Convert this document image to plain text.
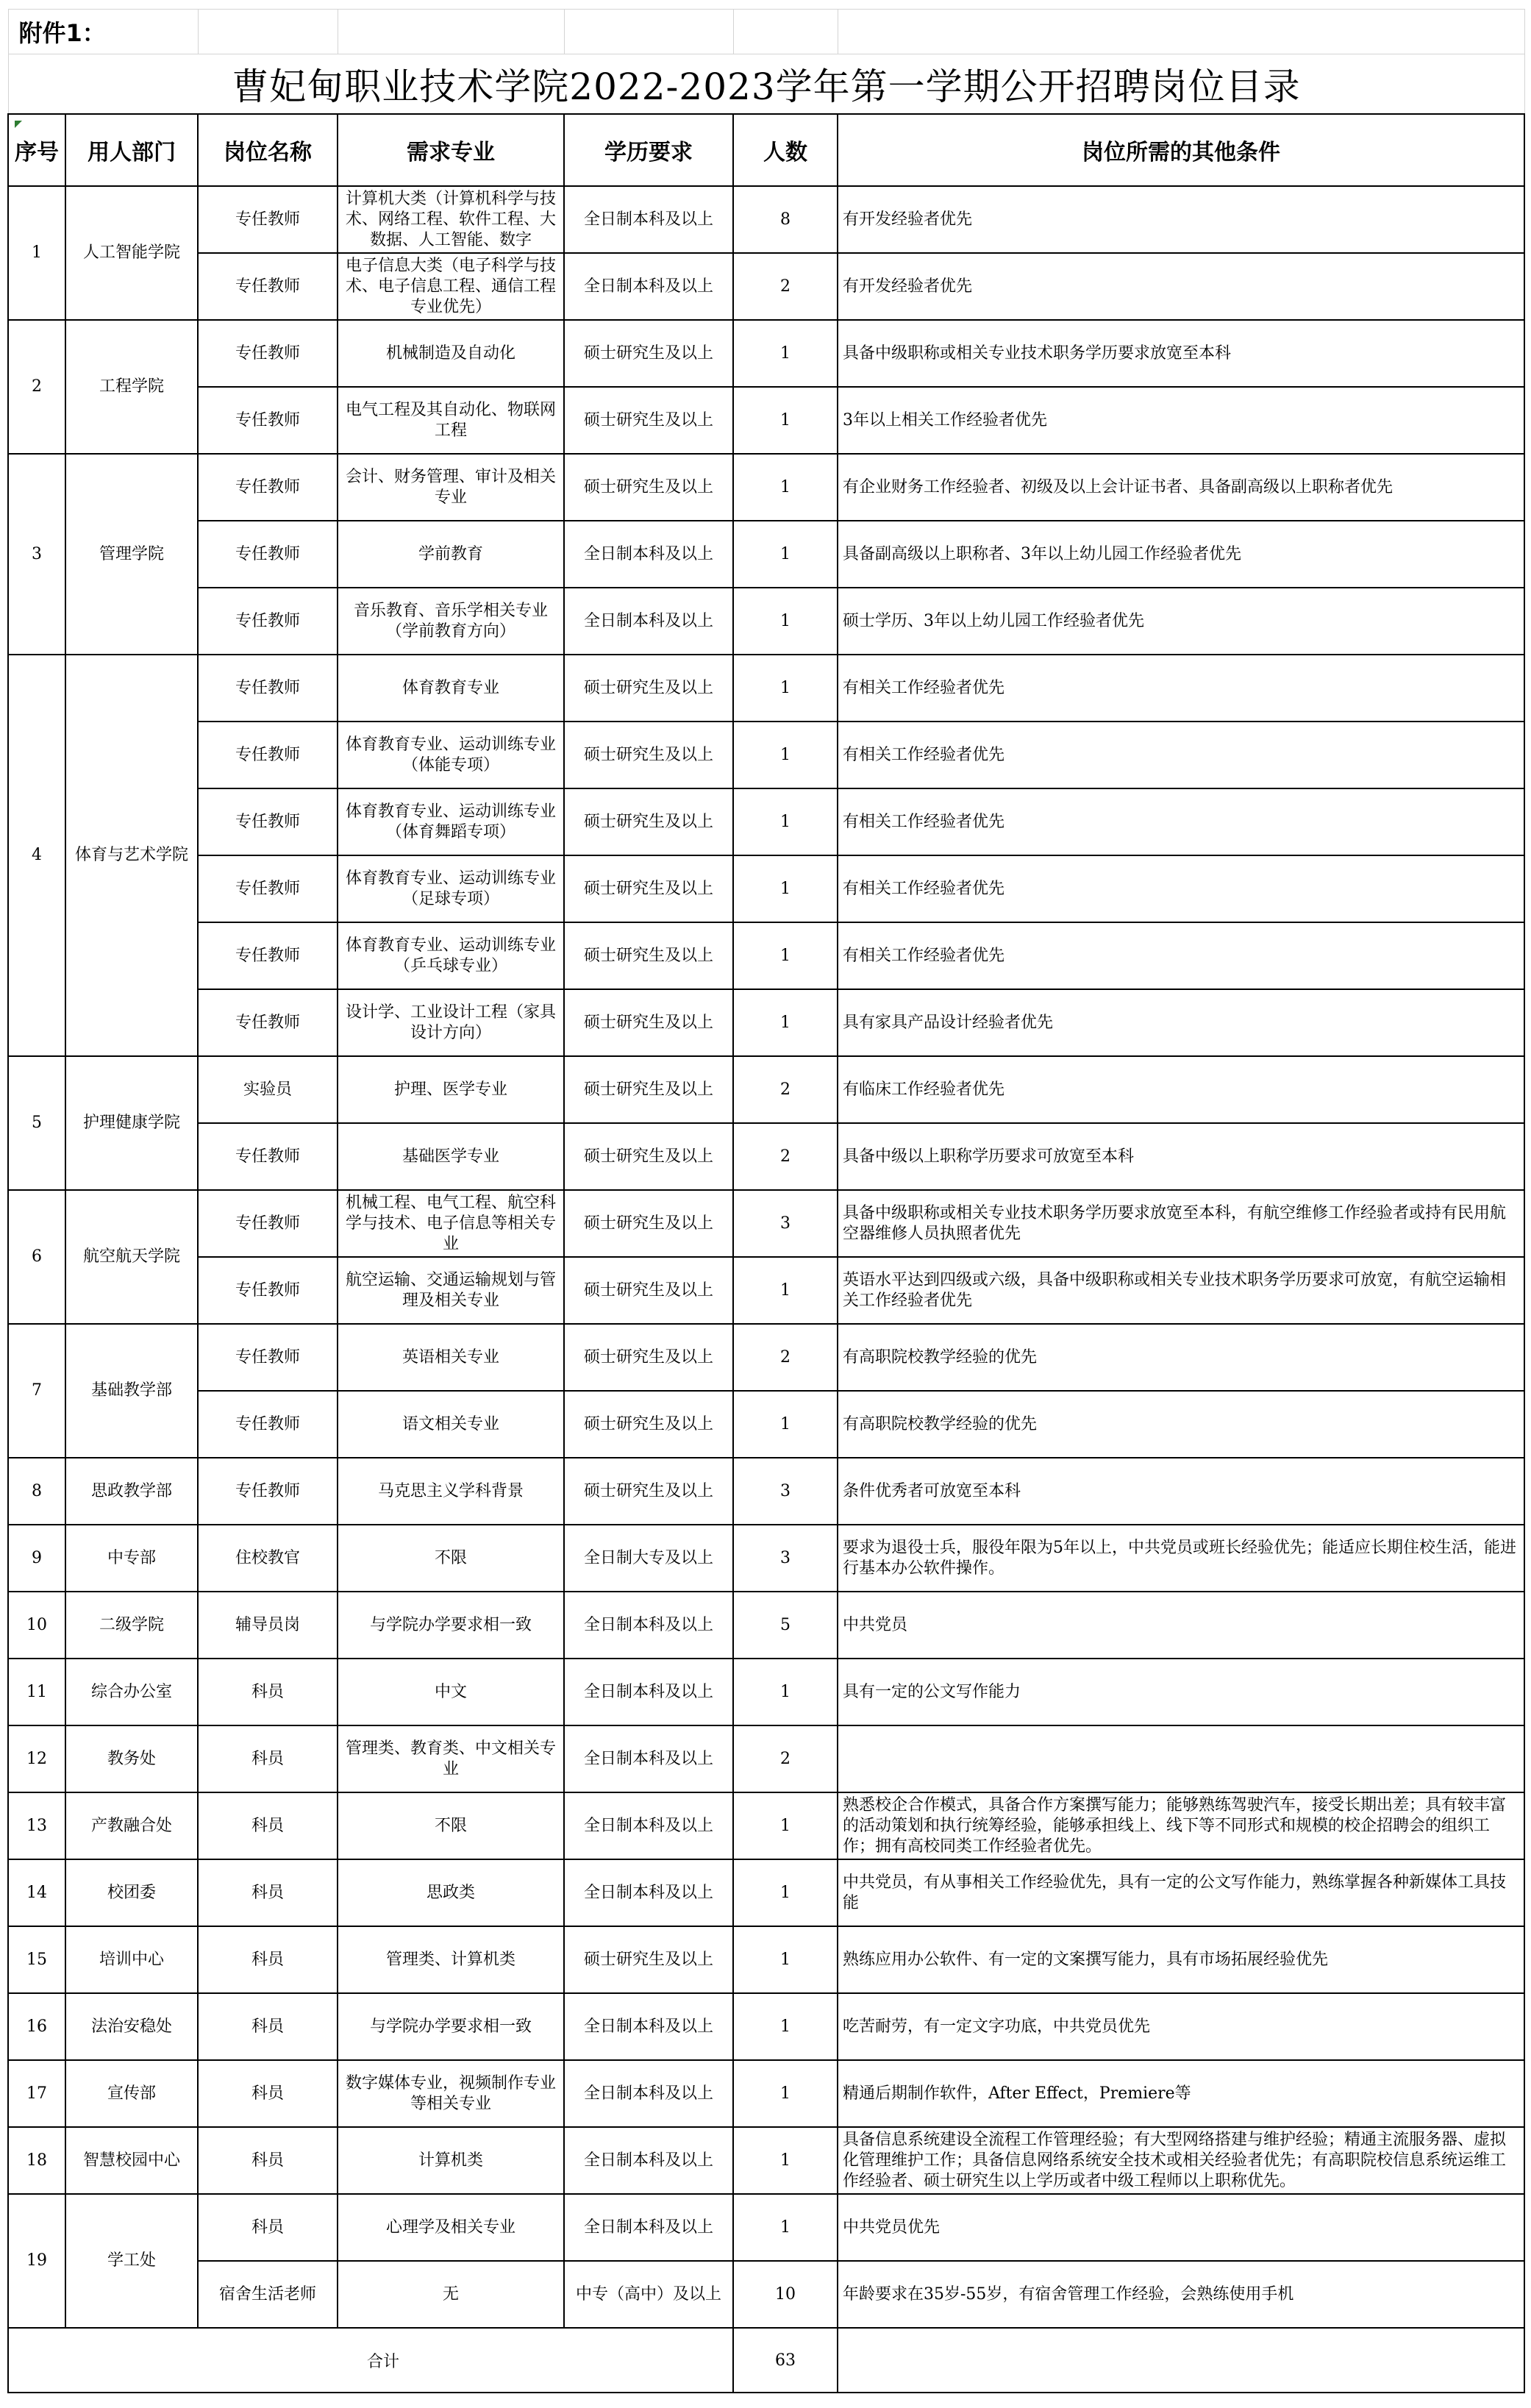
附件1：						
曹妃甸职业技术学院2022-2023学年第一学期公开招聘岗位目录						
序号	用人部门	岗位名称	需求专业	学历要求	人数	岗位所需的其他条件
1	人工智能学院	专任教师	计算机大类（计算机科学与技术、网络工程、软件工程、大数据、人工智能、数字	全日制本科及以上	8	有开发经验者优先
		专任教师	电子信息大类（电子科学与技术、电子信息工程、通信工程专业优先）	全日制本科及以上	2	有开发经验者优先
2	工程学院	专任教师	机械制造及自动化	硕士研究生及以上	1	具备中级职称或相关专业技术职务学历要求放宽至本科
		专任教师	电气工程及其自动化、物联网工程	硕士研究生及以上	1	3年以上相关工作经验者优先
3	管理学院	专任教师	会计、财务管理、审计及相关专业	硕士研究生及以上	1	有企业财务工作经验者、初级及以上会计证书者、具备副高级以上职称者优先
		专任教师	学前教育	全日制本科及以上	1	具备副高级以上职称者、3年以上幼儿园工作经验者优先
		专任教师	音乐教育、音乐学相关专业（学前教育方向）	全日制本科及以上	1	硕士学历、3年以上幼儿园工作经验者优先
4	体育与艺术学院	专任教师	体育教育专业	硕士研究生及以上	1	有相关工作经验者优先
		专任教师	体育教育专业、运动训练专业（体能专项）	硕士研究生及以上	1	有相关工作经验者优先
		专任教师	体育教育专业、运动训练专业（体育舞蹈专项）	硕士研究生及以上	1	有相关工作经验者优先
		专任教师	体育教育专业、运动训练专业（足球专项）	硕士研究生及以上	1	有相关工作经验者优先
		专任教师	体育教育专业、运动训练专业（乒乓球专业）	硕士研究生及以上	1	有相关工作经验者优先
		专任教师	设计学、工业设计工程（家具设计方向）	硕士研究生及以上	1	具有家具产品设计经验者优先
5	护理健康学院	实验员	护理、医学专业	硕士研究生及以上	2	有临床工作经验者优先
		专任教师	基础医学专业	硕士研究生及以上	2	具备中级以上职称学历要求可放宽至本科
6	航空航天学院	专任教师	机械工程、电气工程、航空科学与技术、电子信息等相关专业	硕士研究生及以上	3	具备中级职称或相关专业技术职务学历要求放宽至本科，有航空维修工作经验者或持有民用航空器维修人员执照者优先
		专任教师	航空运输、交通运输规划与管理及相关专业	硕士研究生及以上	1	英语水平达到四级或六级，具备中级职称或相关专业技术职务学历要求可放宽，有航空运输相关工作经验者优先
7	基础教学部	专任教师	英语相关专业	硕士研究生及以上	2	有高职院校教学经验的优先
		专任教师	语文相关专业	硕士研究生及以上	1	有高职院校教学经验的优先
8	思政教学部	专任教师	马克思主义学科背景	硕士研究生及以上	3	条件优秀者可放宽至本科
9	中专部	住校教官	不限	全日制大专及以上	3	要求为退役士兵，服役年限为5年以上，中共党员或班长经验优先；能适应长期住校生活，能进行基本办公软件操作。
10	二级学院	辅导员岗	与学院办学要求相一致	全日制本科及以上	5	中共党员
11	综合办公室	科员	中文	全日制本科及以上	1	具有一定的公文写作能力
12	教务处	科员	管理类、教育类、中文相关专业	全日制本科及以上	2	
13	产教融合处	科员	不限	全日制本科及以上	1	熟悉校企合作模式，具备合作方案撰写能力；能够熟练驾驶汽车，接受长期出差；具有较丰富的活动策划和执行统筹经验，能够承担线上、线下等不同形式和规模的校企招聘会的组织工作；拥有高校同类工作经验者优先。
14	校团委	科员	思政类	全日制本科及以上	1	中共党员，有从事相关工作经验优先，具有一定的公文写作能力，熟练掌握各种新媒体工具技能
15	培训中心	科员	管理类、计算机类	硕士研究生及以上	1	熟练应用办公软件、有一定的文案撰写能力，具有市场拓展经验优先
16	法治安稳处	科员	与学院办学要求相一致	全日制本科及以上	1	吃苦耐劳，有一定文字功底，中共党员优先
17	宣传部	科员	数字媒体专业，视频制作专业等相关专业	全日制本科及以上	1	精通后期制作软件，After Effect，Premiere等
18	智慧校园中心	科员	计算机类	全日制本科及以上	1	具备信息系统建设全流程工作管理经验；有大型网络搭建与维护经验；精通主流服务器、虚拟化管理维护工作；具备信息网络系统安全技术或相关经验者优先；有高职院校信息系统运维工作经验者、硕士研究生以上学历或者中级工程师以上职称优先。
19	学工处	科员	心理学及相关专业	全日制本科及以上	1	中共党员优先
		宿舍生活老师	无	中专（高中）及以上	10	年龄要求在35岁-55岁，有宿舍管理工作经验，会熟练使用手机
合计					63	
